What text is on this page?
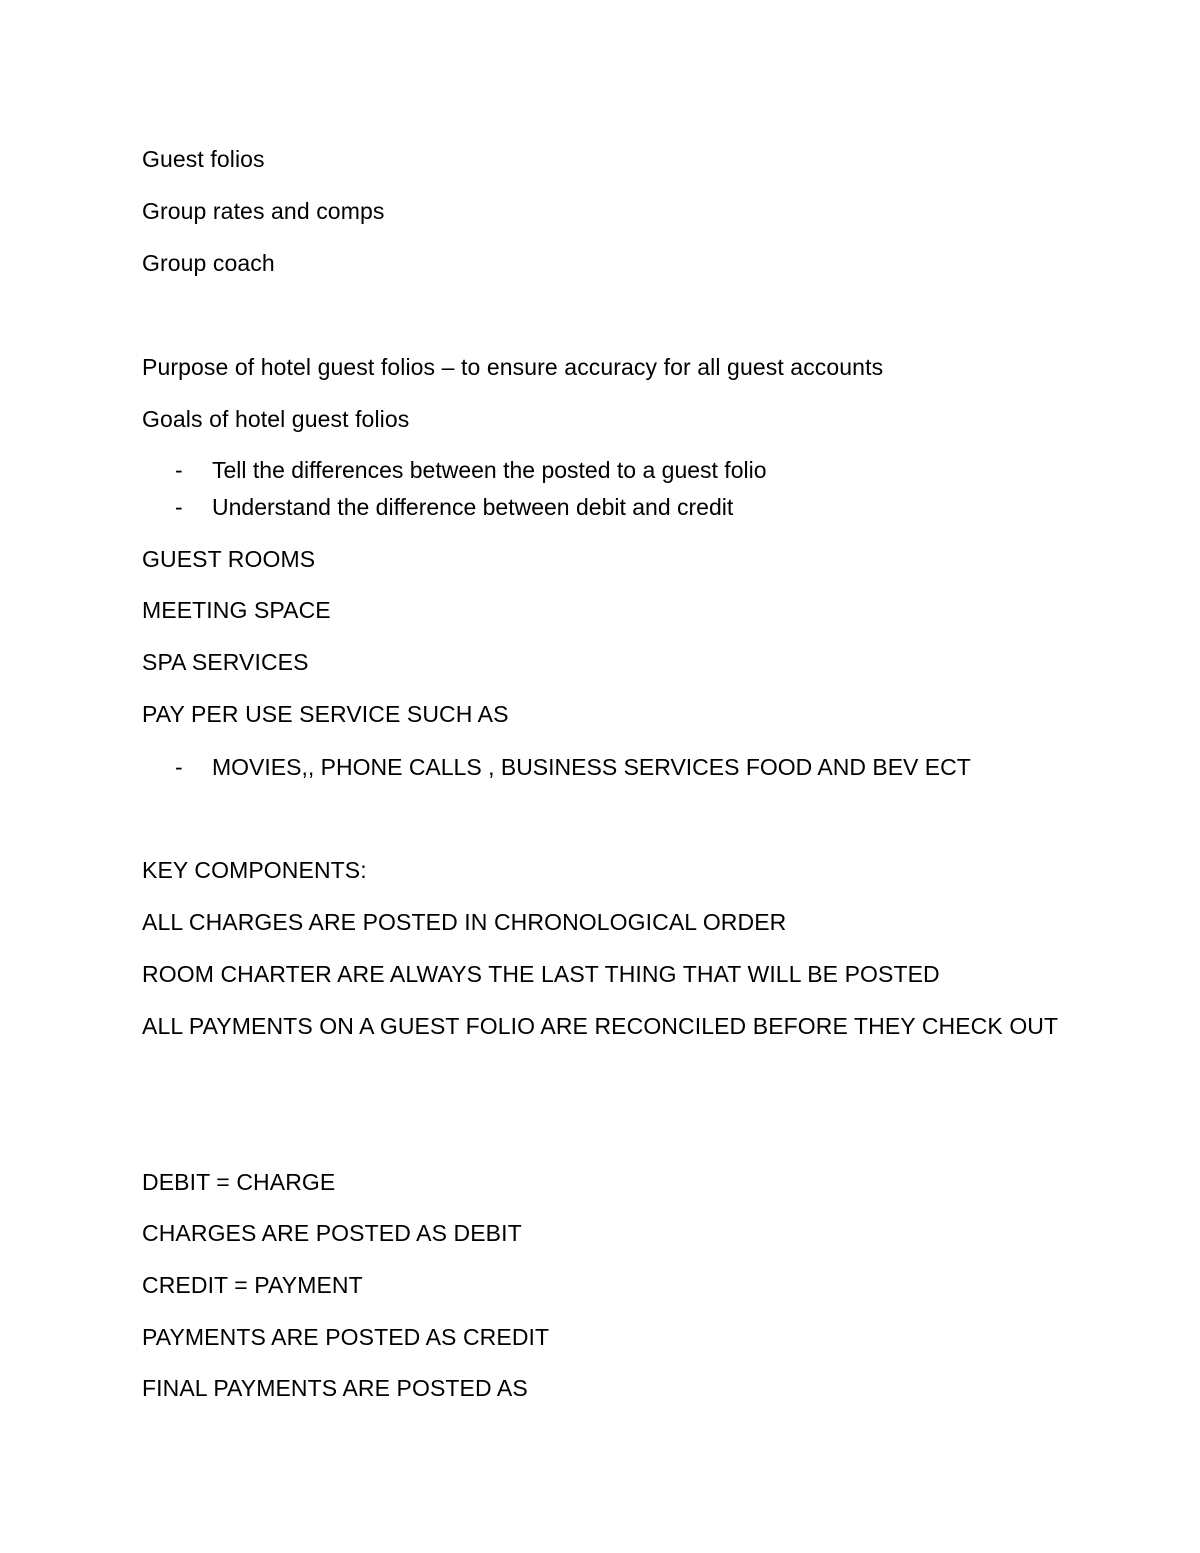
Guest folios
Group rates and comps
Group coach
Purpose of hotel guest folios – to ensure accuracy for all guest accounts
Goals of hotel guest folios
- Tell the differences between the posted to a guest folio
- Understand the difference between debit and credit
GUEST ROOMS
MEETING SPACE
SPA SERVICES
PAY PER USE SERVICE SUCH AS
- MOVIES,, PHONE CALLS , BUSINESS SERVICES FOOD AND BEV ECT
KEY COMPONENTS:
ALL CHARGES ARE POSTED IN CHRONOLOGICAL ORDER
ROOM CHARTER ARE ALWAYS THE LAST THING THAT WILL BE POSTED
ALL PAYMENTS ON A GUEST FOLIO ARE RECONCILED BEFORE THEY CHECK OUT
DEBIT = CHARGE
CHARGES ARE POSTED AS DEBIT
CREDIT = PAYMENT
PAYMENTS ARE POSTED AS CREDIT
FINAL PAYMENTS ARE POSTED AS
